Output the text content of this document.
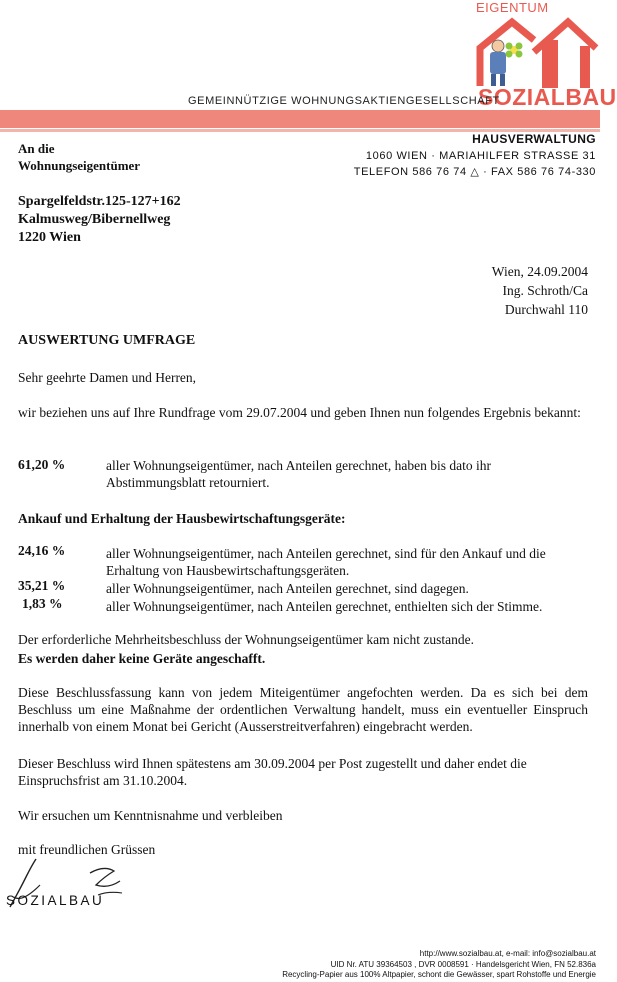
EIGENTUM
SOZIALBAU
GEMEINNÜTZIGE WOHNUNGSAKTIENGESELLSCHAFT
HAUSVERWALTUNG
1060 WIEN · MARIAHILFER STRASSE 31
TELEFON 586 76 74 △ · FAX 586 76 74-330
An die
Wohnungseigentümer
Spargelfeldstr.125-127+162
Kalmusweg/Bibernellweg
1220 Wien
Wien, 24.09.2004
Ing. Schroth/Ca
Durchwahl 110
AUSWERTUNG UMFRAGE
Sehr geehrte Damen und Herren,
wir beziehen uns auf Ihre Rundfrage vom 29.07.2004 und geben Ihnen nun folgendes Ergebnis bekannt:
61,20 %	aller Wohnungseigentümer, nach Anteilen gerechnet, haben bis dato ihr Abstimmungsblatt retourniert.
Ankauf und Erhaltung der Hausbewirtschaftungsgeräte:
24,16 %	aller Wohnungseigentümer, nach Anteilen gerechnet, sind für den Ankauf und die Erhaltung von Hausbewirtschaftungsgeräten.
35,21 %	aller Wohnungseigentümer, nach Anteilen gerechnet, sind dagegen.
1,83 %	aller Wohnungseigentümer, nach Anteilen gerechnet, enthielten sich der Stimme.
Der erforderliche Mehrheitsbeschluss der Wohnungseigentümer kam nicht zustande.
Es werden daher keine Geräte angeschafft.
Diese Beschlussfassung kann von jedem Miteigentümer angefochten werden. Da es sich bei dem Beschluss um eine Maßnahme der ordentlichen Verwaltung handelt, muss ein eventueller Einspruch innerhalb von einem Monat bei Gericht (Ausserstreitverfahren) eingebracht werden.
Dieser Beschluss wird Ihnen spätestens am 30.09.2004 per Post zugestellt und daher endet die Einspruchsfrist am 31.10.2004.
Wir ersuchen um Kenntnisnahme und verbleiben
mit freundlichen Grüssen
SOZIALBAU
http://www.sozialbau.at, e-mail: info@sozialbau.at
UID Nr. ATU 39364503 , DVR 0008591 · Handelsgericht Wien, FN 52.836a
Recycling-Papier aus 100% Altpapier, schont die Gewässer, spart Rohstoffe und Energie
